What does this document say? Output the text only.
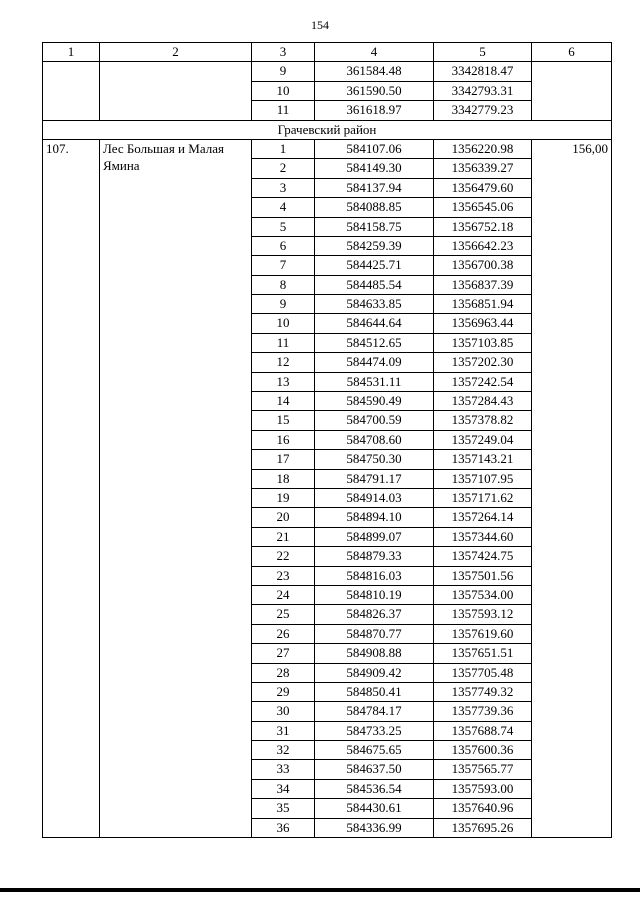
154
1	2	3	4	5	6
		9	361584.48	3342818.47	
		10	361590.50	3342793.31	
		11	361618.97	3342779.23	
Грачевский район					
107.	Лес Большая и Малая Ямина	1	584107.06	1356220.98	156,00
		2	584149.30	1356339.27	
		3	584137.94	1356479.60	
		4	584088.85	1356545.06	
		5	584158.75	1356752.18	
		6	584259.39	1356642.23	
		7	584425.71	1356700.38	
		8	584485.54	1356837.39	
		9	584633.85	1356851.94	
		10	584644.64	1356963.44	
		11	584512.65	1357103.85	
		12	584474.09	1357202.30	
		13	584531.11	1357242.54	
		14	584590.49	1357284.43	
		15	584700.59	1357378.82	
		16	584708.60	1357249.04	
		17	584750.30	1357143.21	
		18	584791.17	1357107.95	
		19	584914.03	1357171.62	
		20	584894.10	1357264.14	
		21	584899.07	1357344.60	
		22	584879.33	1357424.75	
		23	584816.03	1357501.56	
		24	584810.19	1357534.00	
		25	584826.37	1357593.12	
		26	584870.77	1357619.60	
		27	584908.88	1357651.51	
		28	584909.42	1357705.48	
		29	584850.41	1357749.32	
		30	584784.17	1357739.36	
		31	584733.25	1357688.74	
		32	584675.65	1357600.36	
		33	584637.50	1357565.77	
		34	584536.54	1357593.00	
		35	584430.61	1357640.96	
		36	584336.99	1357695.26	
